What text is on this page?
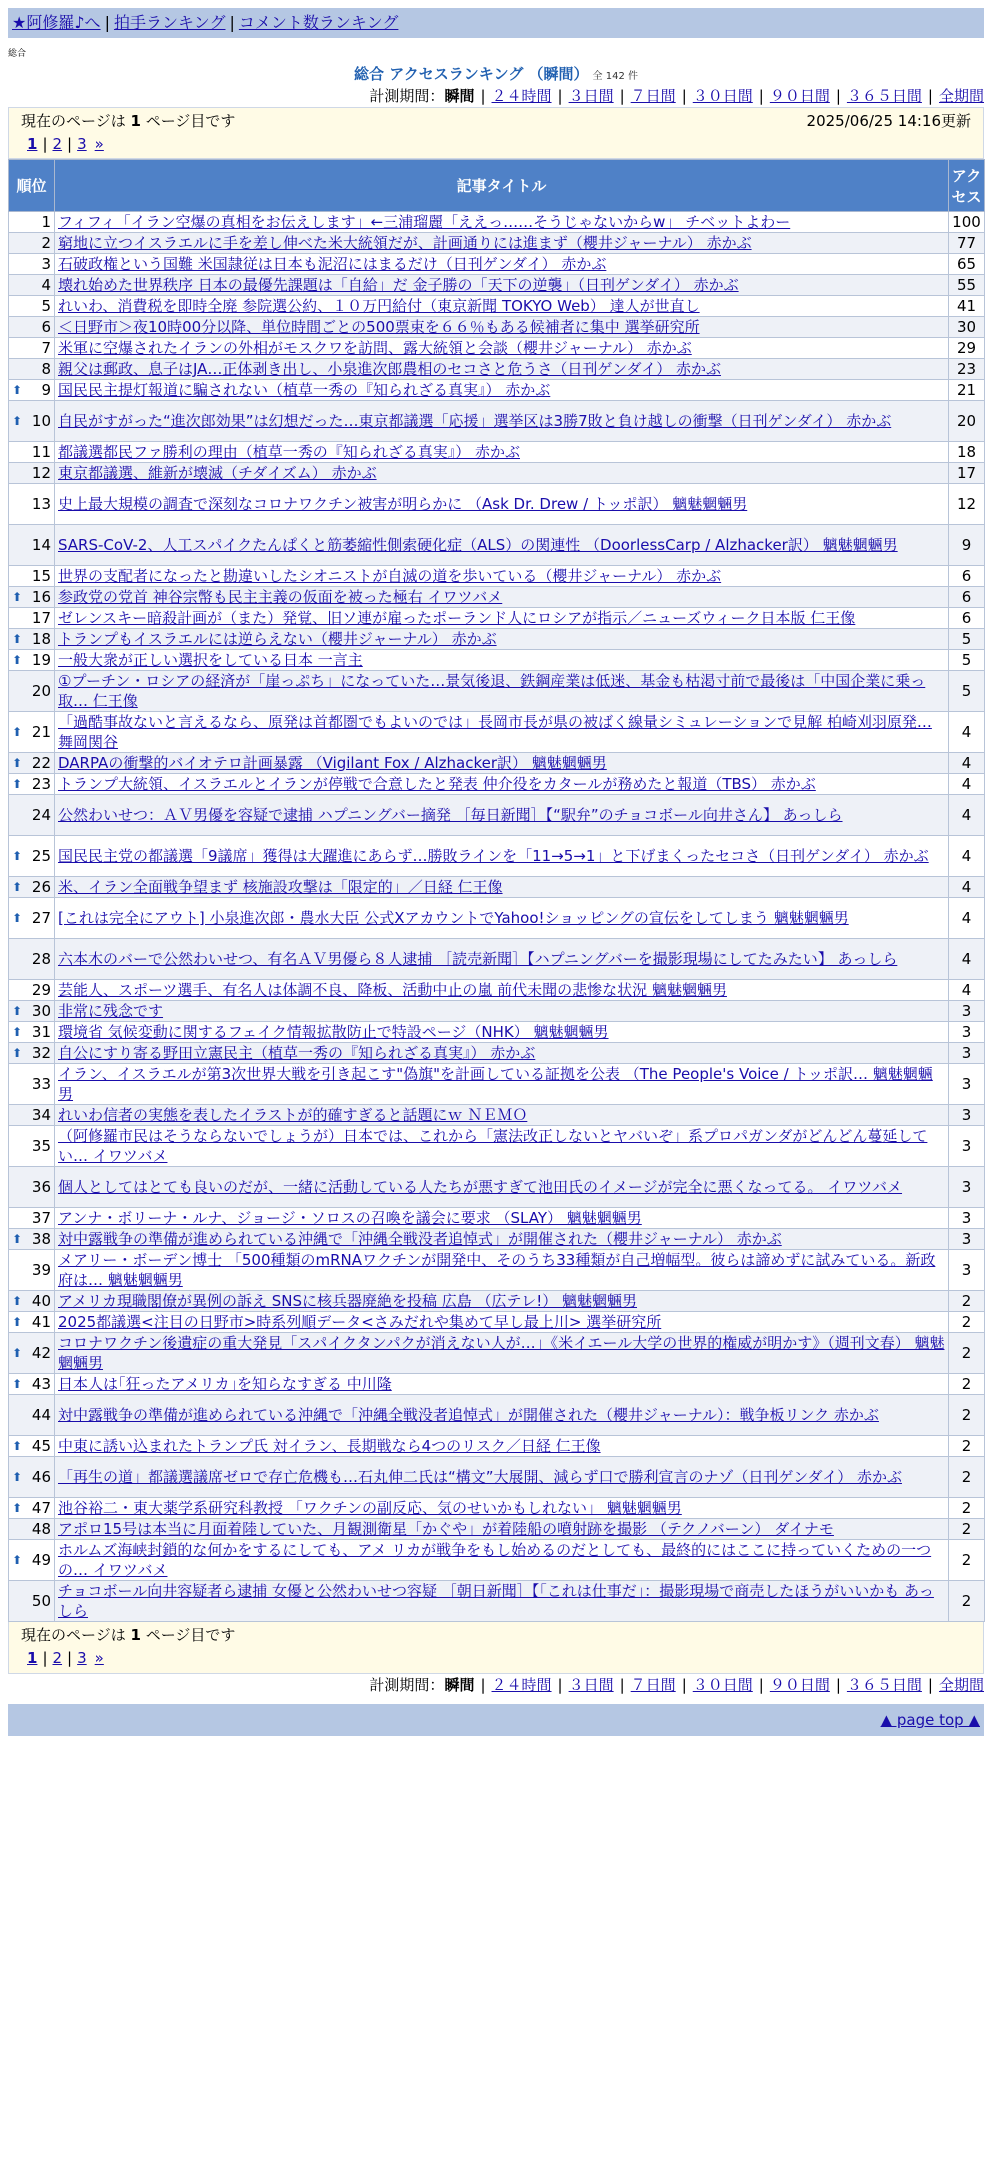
★阿修羅♪へ | 拍手ランキング | コメント数ランキング
総合
総合 アクセスランキング （瞬間） 全 142 件
計測期間：瞬間 | ２４時間 | ３日間 | ７日間 | ３０日間 | ９０日間 | ３６５日間 | 全期間
現在のページは 1 ページ目です	2025/06/25 14:16更新
1 | 2 | 3 »
順位	記事タイトル	アクセス
1	フィフィ「イラン空爆の真相をお伝えします」←三浦瑠麗「ええっ……そうじゃないからw」 チベットよわー	100
2	窮地に立つイスラエルに手を差し伸べた米大統領だが、計画通りには進まず（櫻井ジャーナル） 赤かぶ	77
3	石破政権という国難 米国隷従は日本も泥沼にはまるだけ（日刊ゲンダイ） 赤かぶ	65
4	壊れ始めた世界秩序 日本の最優先課題は「自給」だ 金子勝の「天下の逆襲」（日刊ゲンダイ） 赤かぶ	55
5	れいわ、消費税を即時全廃 参院選公約、１０万円給付（東京新聞 TOKYO Web） 達人が世直し	41
6	＜日野市＞夜10時00分以降、単位時間ごとの500票束を６６％もある候補者に集中 選挙研究所	30
7	米軍に空爆されたイランの外相がモスクワを訪問、露大統領と会談（櫻井ジャーナル） 赤かぶ	29
8	親父は郵政、息子はJA…正体剥き出し、小泉進次郎農相のセコさと危うさ（日刊ゲンダイ） 赤かぶ	23

⬆ 9	国民民主提灯報道に騙されない（植草一秀の『知られざる真実』） 赤かぶ	21

⬆ 10	自民がすがった“進次郎効果”は幻想だった…東京都議選「応援」選挙区は3勝7敗と負け越しの衝撃（日刊ゲンダイ） 赤かぶ	20
11	都議選都民ファ勝利の理由（植草一秀の『知られざる真実』） 赤かぶ	18
12	東京都議選、維新が壊滅（チダイズム） 赤かぶ	17
13	史上最大規模の調査で深刻なコロナワクチン被害が明らかに （Ask Dr. Drew / トッポ訳） 魑魅魍魎男	12
14	SARS-CoV-2、人工スパイクたんぱくと筋萎縮性側索硬化症（ALS）の関連性 （DoorlessCarp / Alzhacker訳） 魑魅魍魎男	9
15	世界の支配者になったと勘違いしたシオニストが自滅の道を歩いている（櫻井ジャーナル） 赤かぶ	6

⬆ 16	参政党の党首 神谷宗幣も民主主義の仮面を被った極右 イワツバメ	6
17	ゼレンスキー暗殺計画が（また）発覚、旧ソ連が雇ったポーランド人にロシアが指示／ニューズウィーク日本版 仁王像	6

⬆ 18	トランプもイスラエルには逆らえない（櫻井ジャーナル） 赤かぶ	5

⬆ 19	一般大衆が正しい選択をしている日本 一言主	5
20	①プーチン・ロシアの経済が「崖っぷち」になっていた…景気後退、鉄鋼産業は低迷、基金も枯渇寸前で最後は「中国企業に乗っ取… 仁王像	5

⬆ 21	「過酷事故ないと言えるなら、原発は首都圏でもよいのでは」長岡市長が県の被ばく線量シミュレーションで見解 柏崎刈羽原発… 舞岡関谷	4

⬆ 22	DARPAの衝撃的バイオテロ計画暴露 （Vigilant Fox / Alzhacker訳） 魑魅魍魎男	4

⬆ 23	トランプ大統領、イスラエルとイランが停戦で合意したと発表 仲介役をカタールが務めたと報道（TBS） 赤かぶ	4
24	公然わいせつ：ＡＶ男優を容疑で逮捕 ハプニングバー摘発 ［毎日新聞］【“駅弁”のチョコボール向井さん】 あっしら	4

⬆ 25	国民民主党の都議選「9議席」獲得は大躍進にあらず…勝敗ラインを「11→5→1」と下げまくったセコさ（日刊ゲンダイ） 赤かぶ	4

⬆ 26	米、イラン全面戦争望まず 核施設攻撃は「限定的」／日経 仁王像	4

⬆ 27	[これは完全にアウト] 小泉進次郎・農水大臣 公式XアカウントでYahoo!ショッピングの宣伝をしてしまう 魑魅魍魎男	4
28	六本木のバーで公然わいせつ、有名ＡＶ男優ら８人逮捕 ［読売新聞］【ハプニングバーを撮影現場にしてたみたい】 あっしら	4
29	芸能人、スポーツ選手、有名人は体調不良、降板、活動中止の嵐 前代未聞の悲惨な状況 魑魅魍魎男	4

⬆ 30	非常に残念です	3

⬆ 31	環境省 気候変動に関するフェイク情報拡散防止で特設ページ（NHK） 魑魅魍魎男	3

⬆ 32	自公にすり寄る野田立憲民主（植草一秀の『知られざる真実』） 赤かぶ	3
33	イラン、イスラエルが第3次世界大戦を引き起こす"偽旗"を計画している証拠を公表 （The People's Voice / トッポ訳… 魑魅魍魎男	3
34	れいわ信者の実態を表したイラストが的確すぎると話題にｗ ＮＥＭＯ	3
35	（阿修羅市民はそうならないでしょうが）日本では、これから「憲法改正しないとヤバいぞ」系プロパガンダがどんどん蔓延してい… イワツバメ	3
36	個人としてはとても良いのだが、一緒に活動している人たちが悪すぎて池田氏のイメージが完全に悪くなってる。 イワツバメ	3
37	アンナ・ボリーナ・ルナ、ジョージ・ソロスの召喚を議会に要求 （SLAY） 魑魅魍魎男	3

⬆ 38	対中露戦争の準備が進められている沖縄で「沖縄全戦没者追悼式」が開催された（櫻井ジャーナル） 赤かぶ	3
39	メアリー・ボーデン博士 「500種類のmRNAワクチンが開発中、そのうち33種類が自己増幅型。彼らは諦めずに試みている。新政府は… 魑魅魍魎男	3

⬆ 40	アメリカ現職閣僚が異例の訴え SNSに核兵器廃絶を投稿 広島 （広テレ!） 魑魅魍魎男	2

⬆ 41	2025都議選<注目の日野市>時系列順データ<さみだれや集めて早し最上川> 選挙研究所	2

⬆ 42	コロナワクチン後遺症の重大発見「スパイクタンパクが消えない人が…」《米イエール大学の世界的権威が明かす》（週刊文春） 魑魅魍魎男	2

⬆ 43	日本人は｢狂ったアメリカ｣を知らなすぎる 中川隆	2
44	対中露戦争の準備が進められている沖縄で「沖縄全戦没者追悼式」が開催された（櫻井ジャーナル）：戦争板リンク 赤かぶ	2

⬆ 45	中東に誘い込まれたトランプ氏 対イラン、長期戦なら4つのリスク／日経 仁王像	2

⬆ 46	「再生の道」都議選議席ゼロで存亡危機も…石丸伸二氏は“構文”大展開、減らず口で勝利宣言のナゾ（日刊ゲンダイ） 赤かぶ	2

⬆ 47	池谷裕二・東大薬学系研究科教授 「ワクチンの副反応、気のせいかもしれない」 魑魅魍魎男	2
48	アポロ15号は本当に月面着陸していた、月観測衛星「かぐや」が着陸船の噴射跡を撮影 （テクノバーン） ダイナモ	2

⬆ 49	ホルムズ海峡封鎖的な何かをするにしても、アメ リカが戦争をもし始めるのだとしても、最終的にはここに持っていくための一つの… イワツバメ	2
50	チョコボール向井容疑者ら逮捕 女優と公然わいせつ容疑 ［朝日新聞］【「これは仕事だ」：撮影現場で商売したほうがいいかも あっしら	2
現在のページは 1 ページ目です
1 | 2 | 3 »
計測期間：瞬間 | ２４時間 | ３日間 | ７日間 | ３０日間 | ９０日間 | ３６５日間 | 全期間
▲ page top ▲
